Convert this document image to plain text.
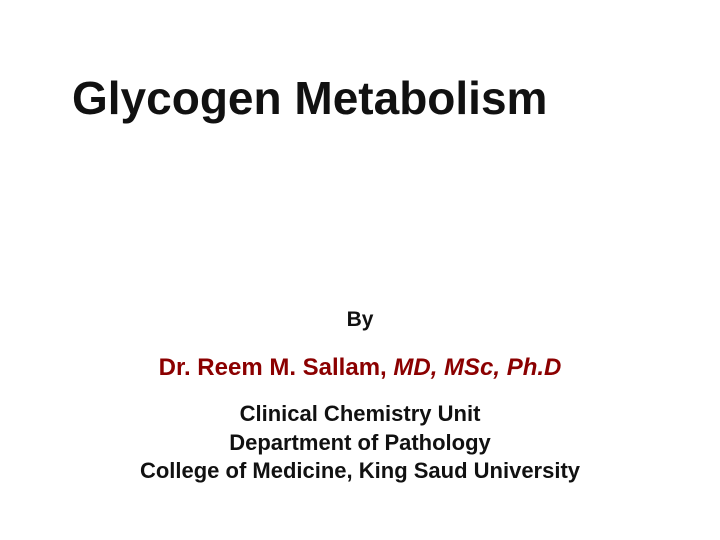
Glycogen Metabolism
By
Dr. Reem M. Sallam, MD, MSc, Ph.D
Clinical Chemistry Unit
Department of Pathology
College of Medicine, King Saud University
